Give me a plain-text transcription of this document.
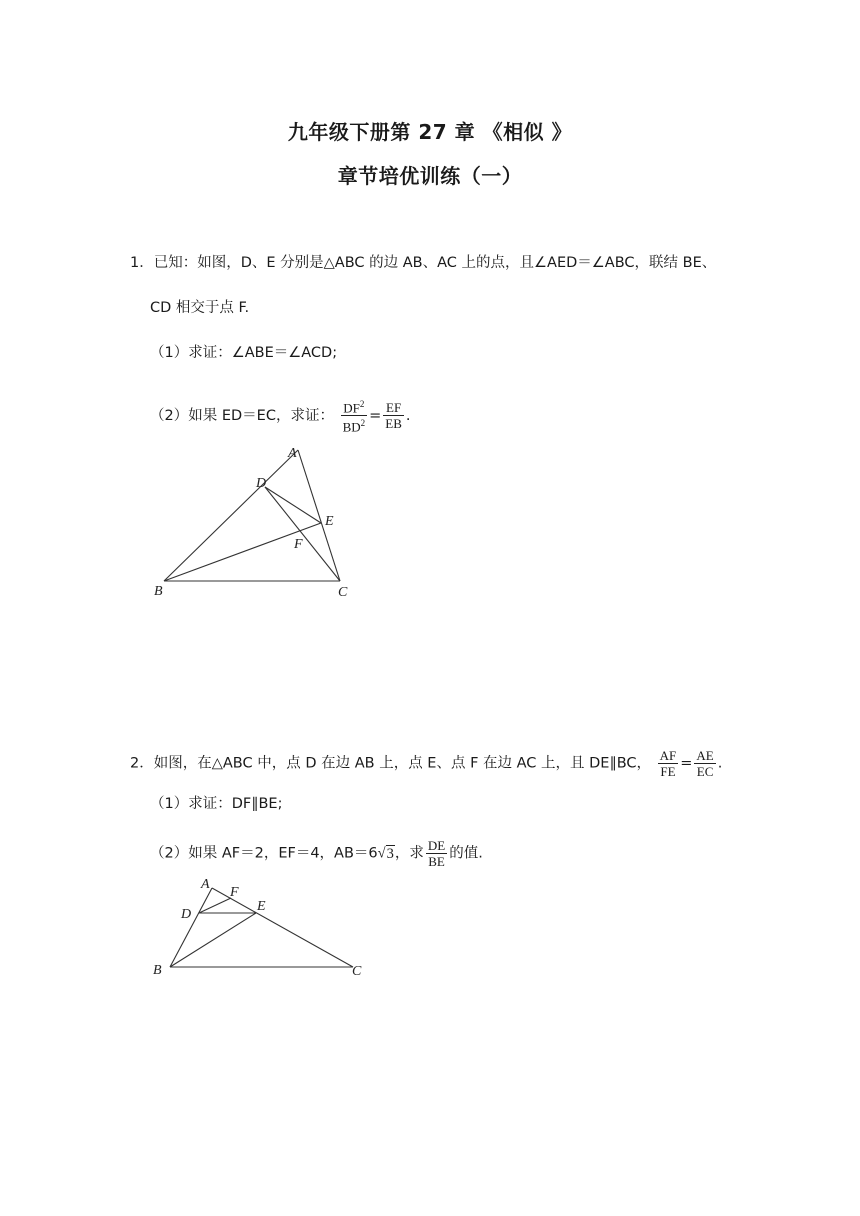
九年级下册第 27 章 《相似 》
章节培优训练（一）
1．已知：如图，D、E 分别是△ABC 的边 AB、AC 上的点，且∠AED＝∠ABC，联结 BE、
CD 相交于点 F.
（1）求证：∠ABE＝∠ACD;
（2）如果 ED＝EC，求证： $\frac{DF^2}{BD^2} = \frac{EF}{EB}$ .
A
B	C
D
E
F
2．如图，在△ABC 中，点 D 在边 AB 上，点 E、点 F 在边 AC 上，且 DE∥BC， $\frac{AF}{FE} = \frac{AE}{EC}$ .
（1）求证：DF∥BE;
（2）如果 AF＝2，EF＝4，AB＝6√3，求 $\frac{DE}{BE}$ 的值.
A
B	C
D
E
F
